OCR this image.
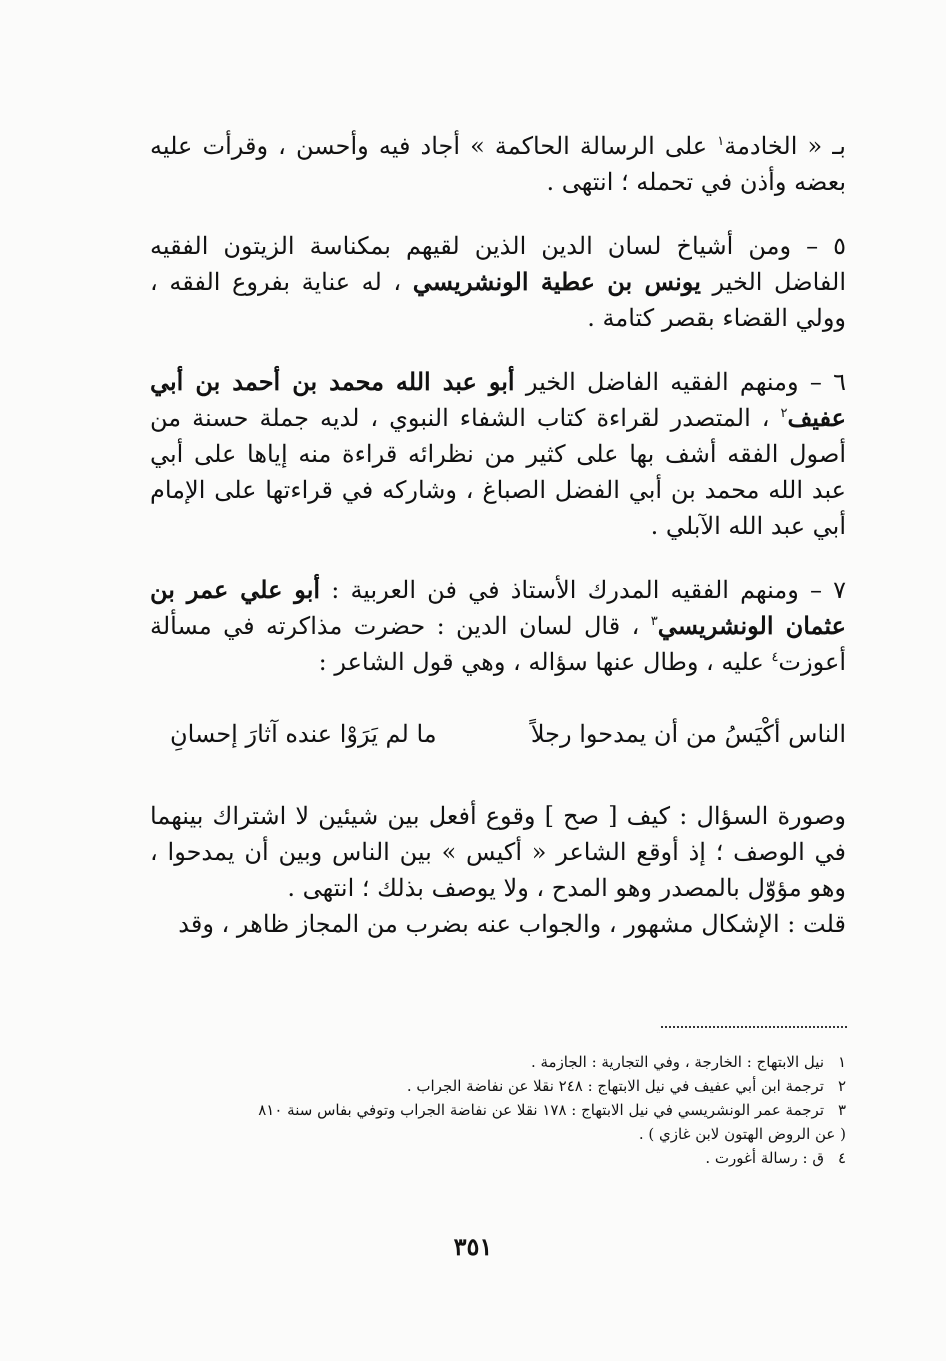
بـ « الخادمة$^١$ على الرسالة الحاكمة » أجاد فيه وأحسن ، وقرأت عليه بعضه وأذن في تحمله ؛ انتهى .

٥ – ومن أشياخ لسان الدين الذين لقيهم بمكناسة الزيتون الفقيه الفاضل الخير يونس بن عطية الونشريسي ، له عناية بفروع الفقه ، وولي القضاء بقصر كتامة .

٦ – ومنهم الفقيه الفاضل الخير أبو عبد الله محمد بن أحمد بن أبي عفيف$^٢$ ، المتصدر لقراءة كتاب الشفاء النبوي ، لديه جملة حسنة من أصول الفقه أشف بها على كثير من نظرائه قراءة منه إياها على أبي عبد الله محمد بن أبي الفضل الصباغ ، وشاركه في قراءتها على الإمام أبي عبد الله الآبلي .

٧ – ومنهم الفقيه المدرك الأستاذ في فن العربية : أبو علي عمر بن عثمان الونشريسي$^٣$ ، قال لسان الدين : حضرت مذاكرته في مسألة أعوزت$^٤$ عليه ، وطال عنها سؤاله ، وهي قول الشاعر :

الناس أكْيَسُ من أن يمدحوا رجلاً
ما لم يَرَوْا عنده آثارَ إحسانِ

وصورة السؤال : كيف [ صح ] وقوع أفعل بين شيئين لا اشتراك بينهما في الوصف ؛ إذ أوقع الشاعر « أكيس » بين الناس وبين أن يمدحوا ، وهو مؤوّل بالمصدر وهو المدح ، ولا يوصف بذلك ؛ انتهى .

قلت : الإشكال مشهور ، والجواب عنه بضرب من المجاز ظاهر ، وقد

١
نيل الابتهاج : الخارجة ، وفي التجارية : الجازمة .
٢
ترجمة ابن أبي عفيف في نيل الابتهاج : ٢٤٨ نقلا عن نفاضة الجراب .
٣
ترجمة عمر الونشريسي في نيل الابتهاج : ١٧٨ نقلا عن نفاضة الجراب وتوفي بفاس سنة ٨١٠
( عن الروض الهتون لابن غازي ) .
٤
ق : رسالة أغورت .
٣٥١
